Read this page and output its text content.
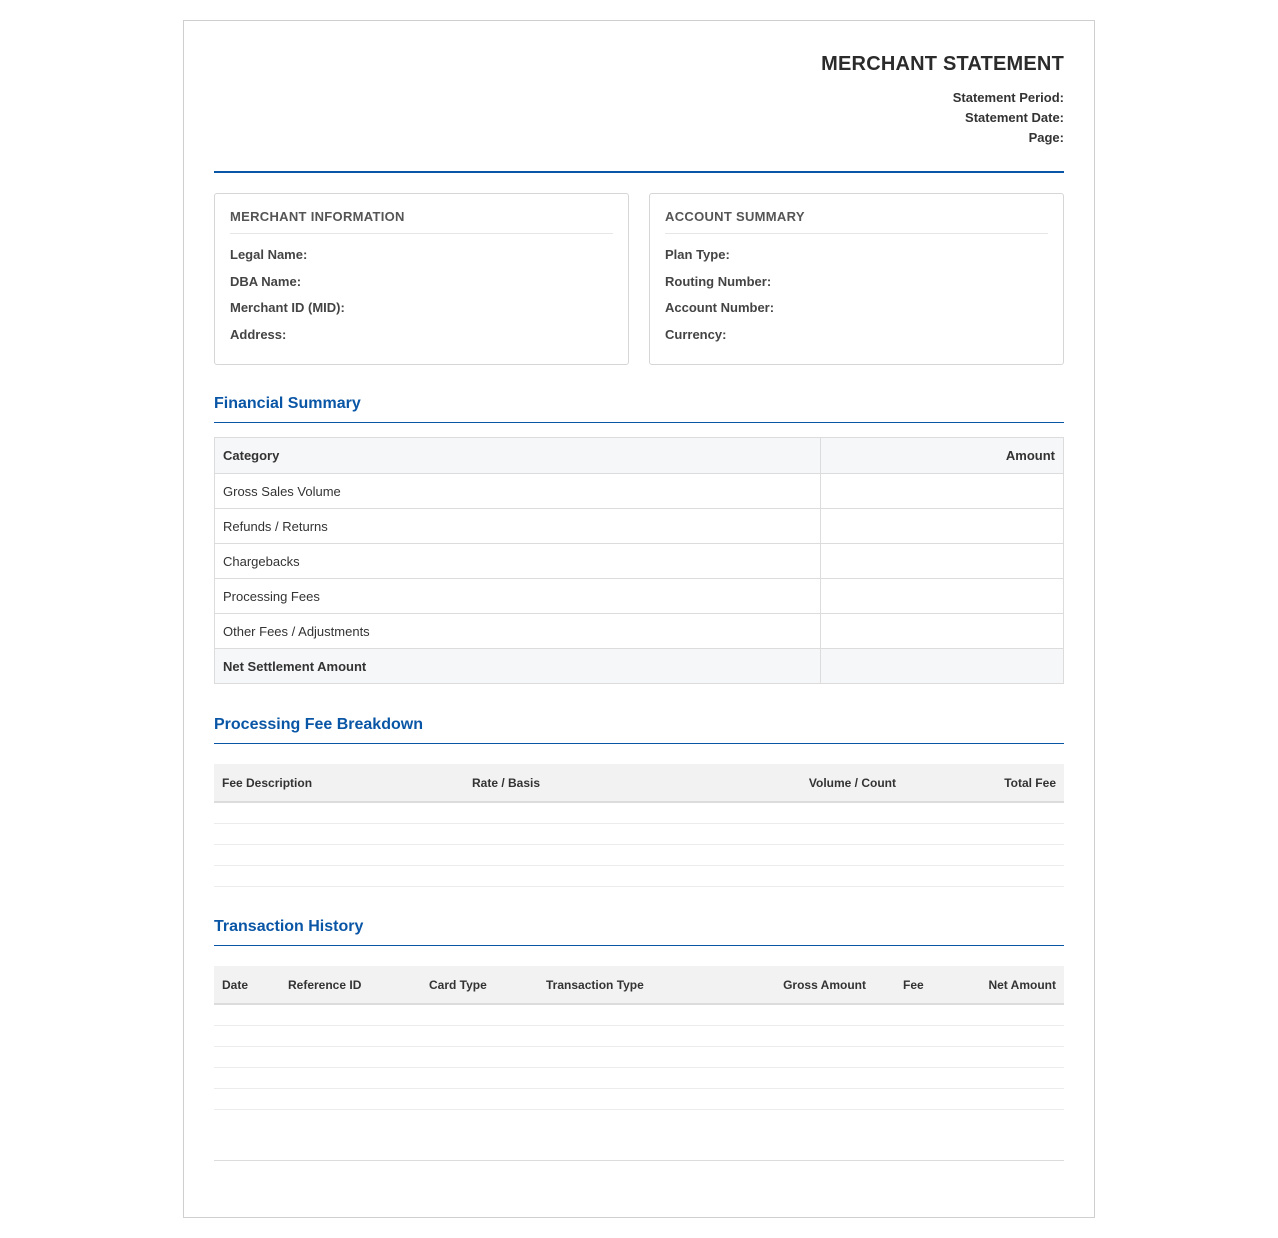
MERCHANT STATEMENT
Statement Period:
Statement Date:
Page:
MERCHANT INFORMATION
Legal Name:
DBA Name:
Merchant ID (MID):
Address:
ACCOUNT SUMMARY
Plan Type:
Routing Number:
Account Number:
Currency:
Financial Summary
Category	Amount
Gross Sales Volume	
Refunds / Returns	
Chargebacks	
Processing Fees	
Other Fees / Adjustments	
Net Settlement Amount	
Processing Fee Breakdown
Fee Description	Rate / Basis	Volume / Count	Total Fee

Transaction History
Date	Reference ID	Card Type	Transaction Type	Gross Amount	Fee	Net Amount
